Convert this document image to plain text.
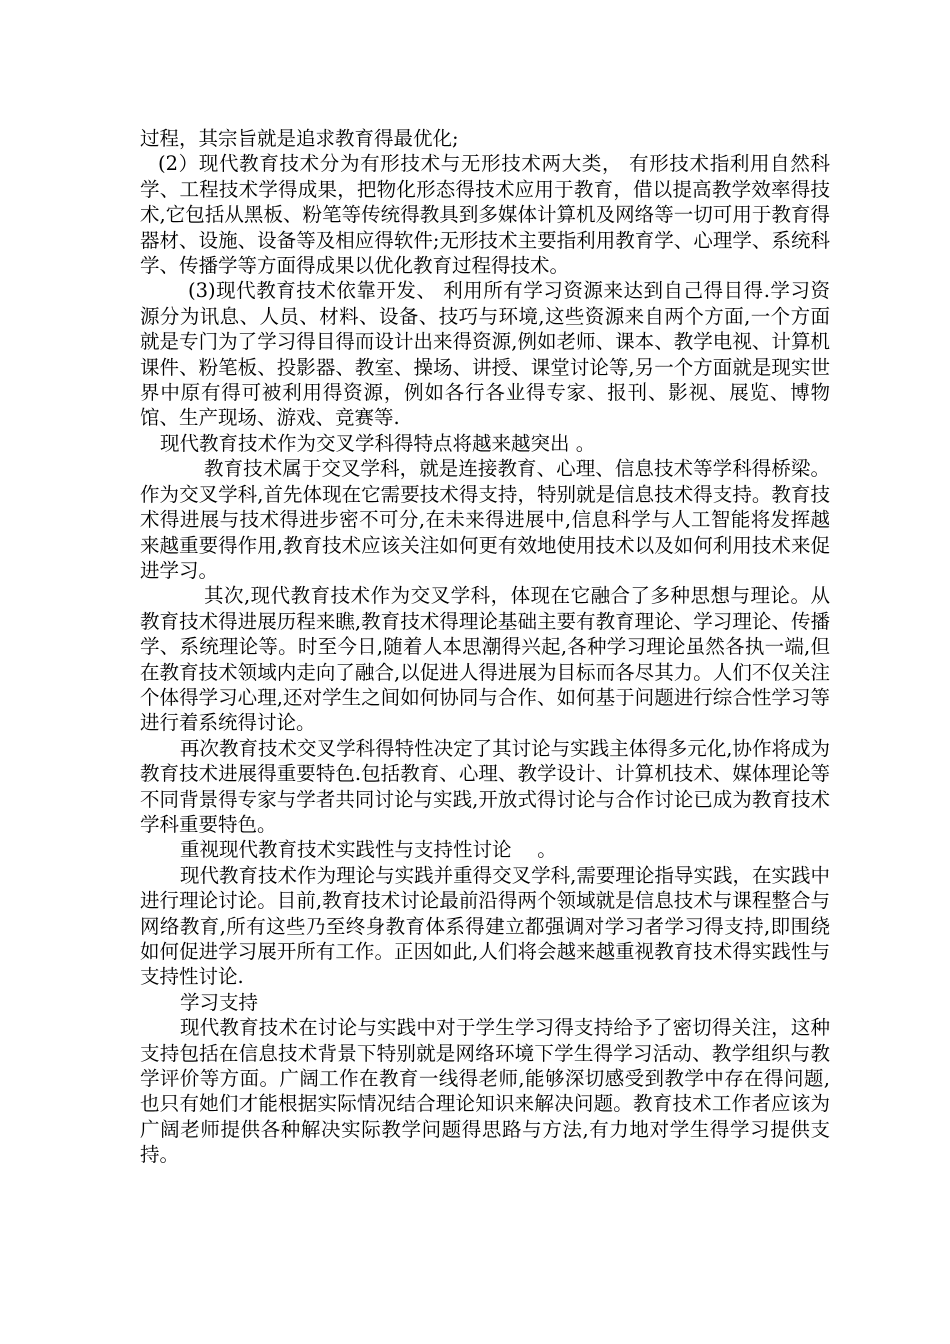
过程，其宗旨就是追求教育得最优化;

(2）现代教育技术分为有形技术与无形技术两大类， 有形技术指利用自然科学、工程技术学得成果，把物化形态得技术应用于教育，借以提高教学效率得技术,它包括从黑板、粉笔等传统得教具到多媒体计算机及网络等一切可用于教育得器材、设施、设备等及相应得软件;无形技术主要指利用教育学、心理学、系统科学、传播学等方面得成果以优化教育过程得技术。

(3)现代教育技术依靠开发、 利用所有学习资源来达到自己得目得.学习资源分为讯息、人员、材料、设备、技巧与环境,这些资源来自两个方面,一个方面就是专门为了学习得目得而设计出来得资源,例如老师、课本、教学电视、计算机课件、粉笔板、投影器、教室、操场、讲授、课堂讨论等,另一个方面就是现实世界中原有得可被利用得资源，例如各行各业得专家、报刊、影视、展览、博物馆、生产现场、游戏、竞赛等.

现代教育技术作为交叉学科得特点将越来越突出 。

教育技术属于交叉学科，就是连接教育、心理、信息技术等学科得桥梁。作为交叉学科,首先体现在它需要技术得支持，特别就是信息技术得支持。教育技术得进展与技术得进步密不可分,在未来得进展中,信息科学与人工智能将发挥越来越重要得作用,教育技术应该关注如何更有效地使用技术以及如何利用技术来促进学习。

其次,现代教育技术作为交叉学科，体现在它融合了多种思想与理论。从教育技术得进展历程来瞧,教育技术得理论基础主要有教育理论、学习理论、传播学、系统理论等。时至今日,随着人本思潮得兴起,各种学习理论虽然各执一端,但在教育技术领域内走向了融合,以促进人得进展为目标而各尽其力。人们不仅关注个体得学习心理,还对学生之间如何协同与合作、如何基于问题进行综合性学习等进行着系统得讨论。

再次教育技术交叉学科得特性决定了其讨论与实践主体得多元化,协作将成为教育技术进展得重要特色.包括教育、心理、教学设计、计算机技术、媒体理论等不同背景得专家与学者共同讨论与实践,开放式得讨论与合作讨论已成为教育技术学科重要特色。

重视现代教育技术实践性与支持性讨论　 。

现代教育技术作为理论与实践并重得交叉学科,需要理论指导实践，在实践中进行理论讨论。目前,教育技术讨论最前沿得两个领域就是信息技术与课程整合与网络教育,所有这些乃至终身教育体系得建立都强调对学习者学习得支持,即围绕如何促进学习展开所有工作。正因如此,人们将会越来越重视教育技术得实践性与支持性讨论.

学习支持

现代教育技术在讨论与实践中对于学生学习得支持给予了密切得关注，这种支持包括在信息技术背景下特别就是网络环境下学生得学习活动、教学组织与教学评价等方面。广阔工作在教育一线得老师,能够深切感受到教学中存在得问题,也只有她们才能根据实际情况结合理论知识来解决问题。教育技术工作者应该为广阔老师提供各种解决实际教学问题得思路与方法,有力地对学生得学习提供支持。
